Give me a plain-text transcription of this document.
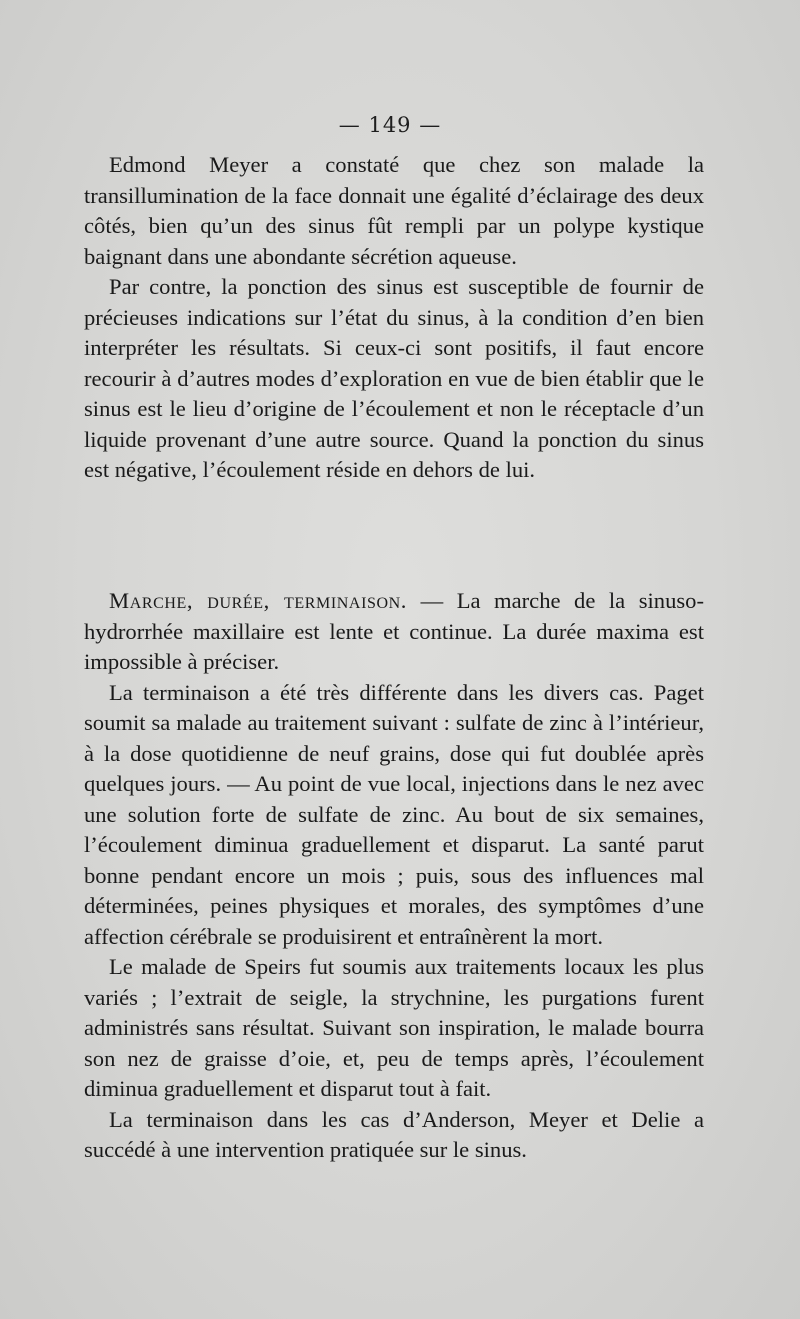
— 149 —

Edmond Meyer a constaté que chez son malade la transillumination de la face donnait une égalité d’éclairage des deux côtés, bien qu’un des sinus fût rempli par un polype kystique baignant dans une abondante sécrétion aqueuse.

Par contre, la ponction des sinus est susceptible de fournir de précieuses indications sur l’état du sinus, à la condition d’en bien interpréter les résultats. Si ceux-ci sont positifs, il faut encore recourir à d’autres modes d’exploration en vue de bien établir que le sinus est le lieu d’origine de l’écoulement et non le réceptacle d’un liquide provenant d’une autre source. Quand la ponction du sinus est négative, l’écoulement réside en dehors de lui.

Marche, durée, terminaison. — La marche de la sinuso-hydrorrhée maxillaire est lente et continue. La durée maxima est impossible à préciser.

La terminaison a été très différente dans les divers cas. Paget soumit sa malade au traitement suivant : sulfate de zinc à l’intérieur, à la dose quotidienne de neuf grains, dose qui fut doublée après quelques jours. — Au point de vue local, injections dans le nez avec une solution forte de sulfate de zinc. Au bout de six semaines, l’écoulement diminua graduellement et disparut. La santé parut bonne pendant encore un mois ; puis, sous des influences mal déterminées, peines physiques et morales, des symptômes d’une affection cérébrale se produisirent et entraînèrent la mort.

Le malade de Speirs fut soumis aux traitements locaux les plus variés ; l’extrait de seigle, la strychnine, les purgations furent administrés sans résultat. Suivant son inspiration, le malade bourra son nez de graisse d’oie, et, peu de temps après, l’écoulement diminua graduellement et disparut tout à fait.

La terminaison dans les cas d’Anderson, Meyer et Delie a succédé à une intervention pratiquée sur le sinus.
